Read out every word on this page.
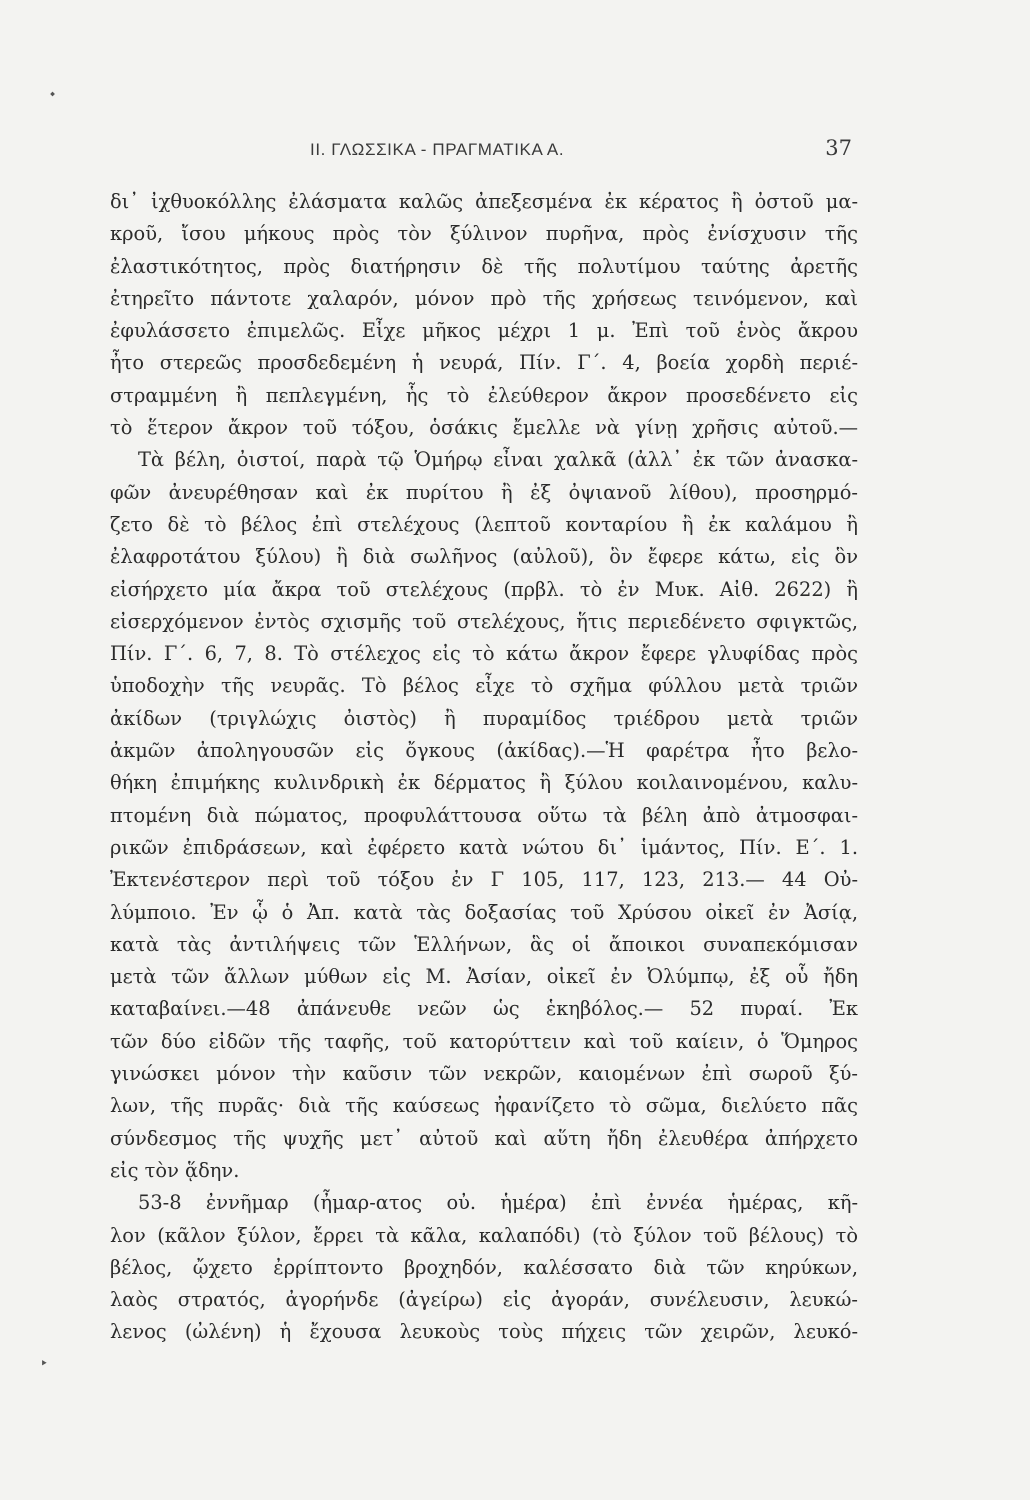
II. ΓΛΩΣΣΙΚΑ - ΠΡΑΓΜΑΤΙΚΑ Α.	37
⬩
‣
δι᾽ ἰχθυοκόλλης ἐλάσματα καλῶς ἀπεξεσμένα ἐκ κέρατος ἢ ὀστοῦ μα-
κροῦ, ἴσου μήκους πρὸς τὸν ξύλινον πυρῆνα, πρὸς ἐνίσχυσιν τῆς
ἐλαστικότητος, πρὸς διατήρησιν δὲ τῆς πολυτίμου ταύτης ἀρετῆς
ἐτηρεῖτο πάντοτε χαλαρόν, μόνον πρὸ τῆς χρήσεως τεινόμενον, καὶ
ἐφυλάσσετο ἐπιμελῶς. Εἶχε μῆκος μέχρι 1 μ. Ἐπὶ τοῦ ἑνὸς ἄκρου
ἦτο στερεῶς προσδεδεμένη ἡ νευρά, Πίν. Γ΄. 4, βοεία χορδὴ περιέ-
στραμμένη ἢ πεπλεγμένη, ἧς τὸ ἐλεύθερον ἄκρον προσεδένετο εἰς
τὸ ἕτερον ἄκρον τοῦ τόξου, ὁσάκις ἔμελλε νὰ γίνῃ χρῆσις αὐτοῦ.—
Τὰ βέλη, ὀιστοί, παρὰ τῷ Ὁμήρῳ εἶναι χαλκᾶ (ἀλλ᾽ ἐκ τῶν ἀνασκα-
φῶν ἀνευρέθησαν καὶ ἐκ πυρίτου ἢ ἐξ ὀψιανοῦ λίθου), προσηρμό-
ζετο δὲ τὸ βέλος ἐπὶ στελέχους (λεπτοῦ κονταρίου ἢ ἐκ καλάμου ἢ
ἐλαφροτάτου ξύλου) ἢ διὰ σωλῆνος (αὐλοῦ), ὃν ἔφερε κάτω, εἰς ὃν
εἰσήρχετο μία ἄκρα τοῦ στελέχους (πρβλ. τὸ ἐν Μυκ. Αἰθ. 2622) ἢ
εἰσερχόμενον ἐντὸς σχισμῆς τοῦ στελέχους, ἥτις περιεδένετο σφιγκτῶς,
Πίν. Γ΄. 6, 7, 8. Τὸ στέλεχος εἰς τὸ κάτω ἄκρον ἔφερε γλυφίδας πρὸς
ὑποδοχὴν τῆς νευρᾶς. Τὸ βέλος εἶχε τὸ σχῆμα φύλλου μετὰ τριῶν
ἀκίδων (τριγλώχις ὀιστὸς) ἢ πυραμίδος τριέδρου μετὰ τριῶν
ἀκμῶν ἀποληγουσῶν εἰς ὄγκους (ἀκίδας).—Ἡ φαρέτρα ἦτο βελο-
θήκη ἐπιμήκης κυλινδρικὴ ἐκ δέρματος ἢ ξύλου κοιλαινομένου, καλυ-
πτομένη διὰ πώματος, προφυλάττουσα οὕτω τὰ βέλη ἀπὸ ἀτμοσφαι-
ρικῶν ἐπιδράσεων, καὶ ἐφέρετο κατὰ νώτου δι᾽ ἱμάντος, Πίν. Ε΄. 1.
Ἐκτενέστερον περὶ τοῦ τόξου ἐν Γ 105, 117, 123, 213.— 44 Οὐ-
λύμποιο. Ἐν ᾧ ὁ Ἀπ. κατὰ τὰς δοξασίας τοῦ Χρύσου οἰκεῖ ἐν Ἀσίᾳ,
κατὰ τὰς ἀντιλήψεις τῶν Ἑλλήνων, ἃς οἱ ἄποικοι συναπεκόμισαν
μετὰ τῶν ἄλλων μύθων εἰς Μ. Ἀσίαν, οἰκεῖ ἐν Ὀλύμπῳ, ἐξ οὗ ἤδη
καταβαίνει.—48 ἀπάνευθε νεῶν ὡς ἑκηβόλος.— 52 πυραί. Ἐκ
τῶν δύο εἰδῶν τῆς ταφῆς, τοῦ κατορύττειν καὶ τοῦ καίειν, ὁ Ὅμηρος
γινώσκει μόνον τὴν καῦσιν τῶν νεκρῶν, καιομένων ἐπὶ σωροῦ ξύ-
λων, τῆς πυρᾶς· διὰ τῆς καύσεως ἠφανίζετο τὸ σῶμα, διελύετο πᾶς
σύνδεσμος τῆς ψυχῆς μετ᾽ αὐτοῦ καὶ αὕτη ἤδη ἐλευθέρα ἀπήρχετο
εἰς τὸν ᾅδην.
53-8 ἐννῆμαρ (ἦμαρ-ατος οὐ. ἡμέρα) ἐπὶ ἐννέα ἡμέρας, κῆ-
λον (κᾶλον ξύλον, ἔρρει τὰ κᾶλα, καλαπόδι) (τὸ ξύλον τοῦ βέλους) τὸ
βέλος, ᾤχετο ἐρρίπτοντο βροχηδόν, καλέσσατο διὰ τῶν κηρύκων,
λαὸς στρατός, ἀγορήνδε (ἀγείρω) εἰς ἀγοράν, συνέλευσιν, λευκώ-
λενος (ὠλένη) ἡ ἔχουσα λευκοὺς τοὺς πήχεις τῶν χειρῶν, λευκό-
